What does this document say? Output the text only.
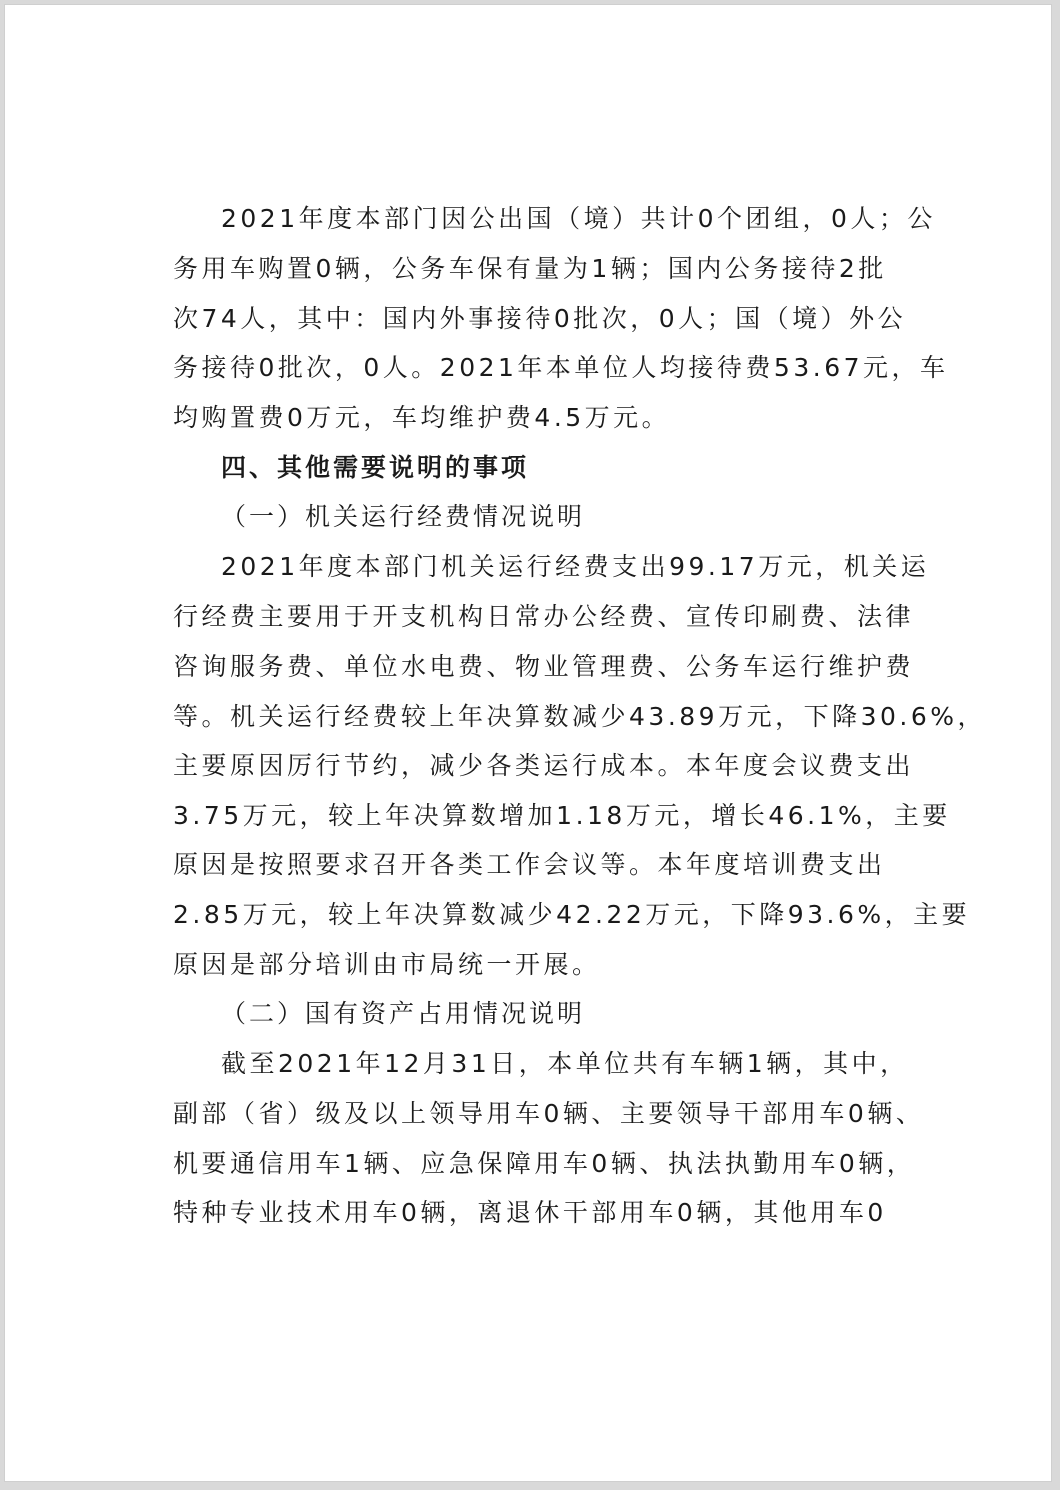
2021年度本部门因公出国（境）共计0个团组，0人；公
务用车购置0辆，公务车保有量为1辆；国内公务接待2批
次74人，其中：国内外事接待0批次，0人；国（境）外公
务接待0批次，0人。2021年本单位人均接待费53.67元，车
均购置费0万元，车均维护费4.5万元。
四、其他需要说明的事项
（一）机关运行经费情况说明
2021年度本部门机关运行经费支出99.17万元，机关运
行经费主要用于开支机构日常办公经费、宣传印刷费、法律
咨询服务费、单位水电费、物业管理费、公务车运行维护费
等。机关运行经费较上年决算数减少43.89万元，下降30.6%，
主要原因厉行节约，减少各类运行成本。本年度会议费支出
3.75万元，较上年决算数增加1.18万元，增长46.1%，主要
原因是按照要求召开各类工作会议等。本年度培训费支出
2.85万元，较上年决算数减少42.22万元，下降93.6%，主要
原因是部分培训由市局统一开展。
（二）国有资产占用情况说明
截至2021年12月31日，本单位共有车辆1辆，其中，
副部（省）级及以上领导用车0辆、主要领导干部用车0辆、
机要通信用车1辆、应急保障用车0辆、执法执勤用车0辆，
特种专业技术用车0辆，离退休干部用车0辆，其他用车0
